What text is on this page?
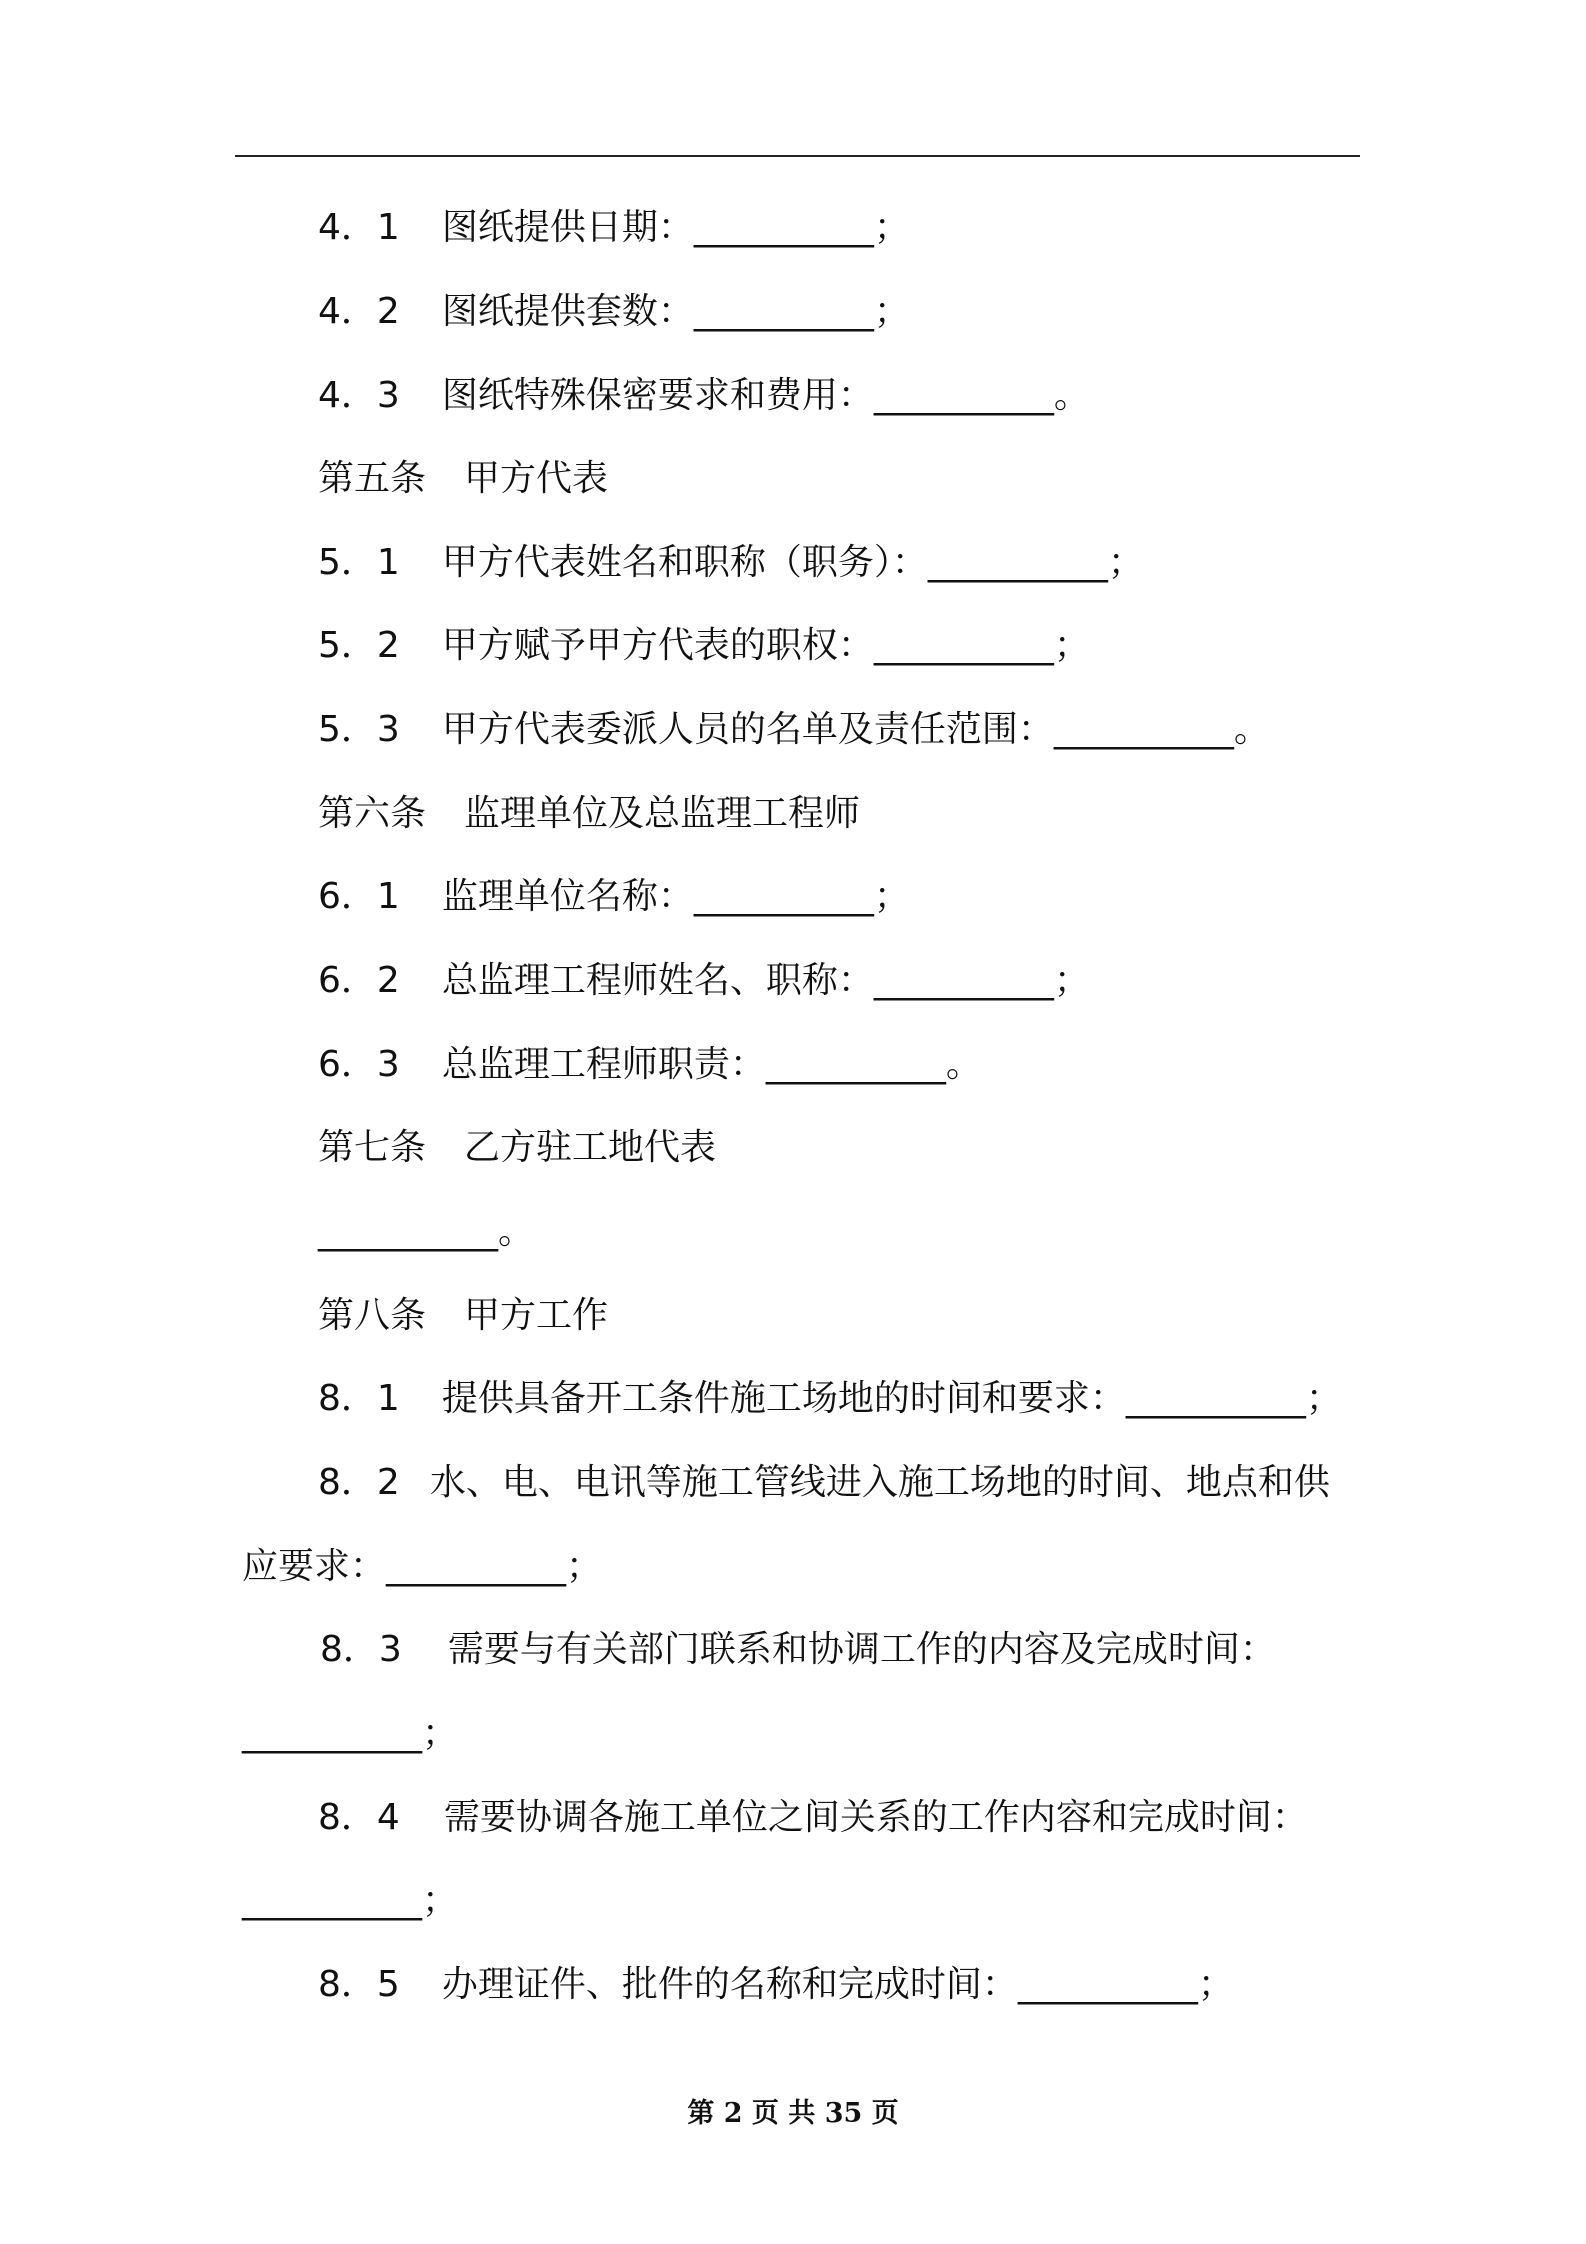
4．1 图纸提供日期：__________；
4．2 图纸提供套数：__________；
4．3 图纸特殊保密要求和费用：__________。
第五条 甲方代表
5．1 甲方代表姓名和职称（职务）：__________；
5．2 甲方赋予甲方代表的职权：__________；
5．3 甲方代表委派人员的名单及责任范围：__________。
第六条 监理单位及总监理工程师
6．1 监理单位名称：__________；
6．2 总监理工程师姓名、职称：__________；
6．3 总监理工程师职责：__________。
第七条 乙方驻工地代表
__________。
第八条 甲方工作
8．1 提供具备开工条件施工场地的时间和要求：__________；
8．2 水、电、电讯等施工管线进入施工场地的时间、地点和供
应要求：__________；
8．3 需要与有关部门联系和协调工作的内容及完成时间：
__________；
8．4 需要协调各施工单位之间关系的工作内容和完成时间：
__________；
8．5 办理证件、批件的名称和完成时间：__________；
第 2 页 共 35 页
